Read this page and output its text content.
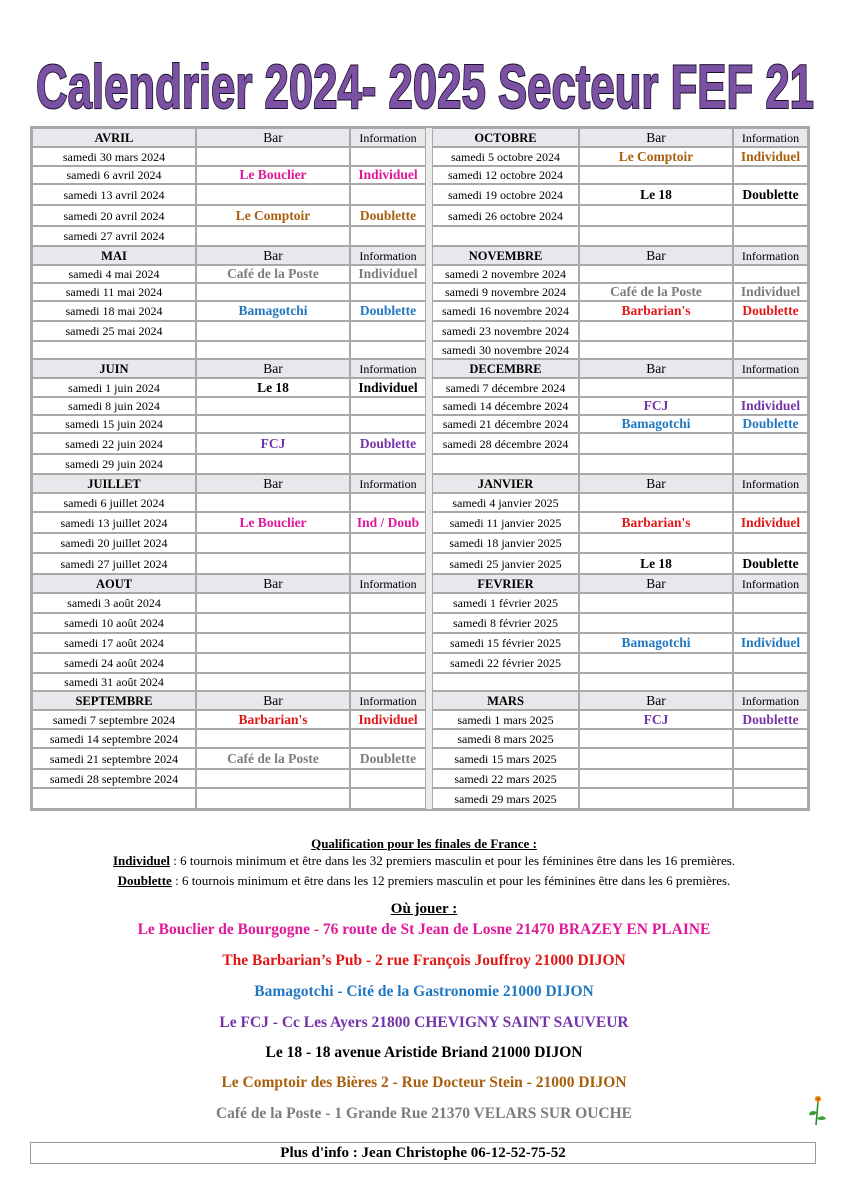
Calendrier 2024- 2025 Secteur FEF 21
AVRIL	Bar	Information		OCTOBRE	Bar	Information
samedi 30 mars 2024				samedi 5 octobre 2024	Le Comptoir	Individuel
samedi 6 avril 2024	Le Bouclier	Individuel		samedi 12 octobre 2024		
samedi 13 avril 2024				samedi 19 octobre 2024	Le 18	Doublette
samedi 20 avril 2024	Le Comptoir	Doublette		samedi 26 octobre 2024		
samedi 27 avril 2024						
MAI	Bar	Information		NOVEMBRE	Bar	Information
samedi 4 mai 2024	Café de la Poste	Individuel		samedi 2 novembre 2024		
samedi 11 mai 2024				samedi 9 novembre 2024	Café de la Poste	Individuel
samedi 18 mai 2024	Bamagotchi	Doublette		samedi 16 novembre 2024	Barbarian's	Doublette
samedi 25 mai 2024				samedi 23 novembre 2024		
				samedi 30 novembre 2024		
JUIN	Bar	Information		DECEMBRE	Bar	Information
samedi 1 juin 2024	Le 18	Individuel		samedi 7 décembre 2024		
samedi 8 juin 2024				samedi 14 décembre 2024	FCJ	Individuel
samedi 15 juin 2024				samedi 21 décembre 2024	Bamagotchi	Doublette
samedi 22 juin 2024	FCJ	Doublette		samedi 28 décembre 2024		
samedi 29 juin 2024						
JUILLET	Bar	Information		JANVIER	Bar	Information
samedi 6 juillet 2024				samedi 4 janvier 2025		
samedi 13 juillet 2024	Le Bouclier	Ind / Doub		samedi 11 janvier 2025	Barbarian's	Individuel
samedi 20 juillet 2024				samedi 18 janvier 2025		
samedi 27 juillet 2024				samedi 25 janvier 2025	Le 18	Doublette
AOUT	Bar	Information		FEVRIER	Bar	Information
samedi 3 août 2024				samedi 1 février 2025		
samedi 10 août 2024				samedi 8 février 2025		
samedi 17 août 2024				samedi 15 février 2025	Bamagotchi	Individuel
samedi 24 août 2024				samedi 22 février 2025		
samedi 31 août 2024						
SEPTEMBRE	Bar	Information		MARS	Bar	Information
samedi 7 septembre 2024	Barbarian's	Individuel		samedi 1 mars 2025	FCJ	Doublette
samedi 14 septembre 2024				samedi 8 mars 2025		
samedi 21 septembre 2024	Café de la Poste	Doublette		samedi 15 mars 2025		
samedi 28 septembre 2024				samedi 22 mars 2025		
				samedi 29 mars 2025		
Qualification pour les finales de France :
Individuel : 6 tournois minimum et être dans les 32 premiers masculin et pour les féminines être dans les 16 premières.
Doublette : 6 tournois minimum et être dans les 12 premiers masculin et pour les féminines être dans les 6 premières.
Où jouer :
Le Bouclier de Bourgogne - 76 route de St Jean de Losne 21470 BRAZEY EN PLAINE
The Barbarian’s Pub - 2 rue François Jouffroy 21000 DIJON
Bamagotchi - Cité de la Gastronomie 21000 DIJON
Le FCJ - Cc Les Ayers 21800 CHEVIGNY SAINT SAUVEUR
Le 18 - 18 avenue Aristide Briand 21000 DIJON
Le Comptoir des Bières 2 - Rue Docteur Stein - 21000 DIJON
Café de la Poste - 1 Grande Rue 21370 VELARS SUR OUCHE
Plus d'info : Jean Christophe 06-12-52-75-52
